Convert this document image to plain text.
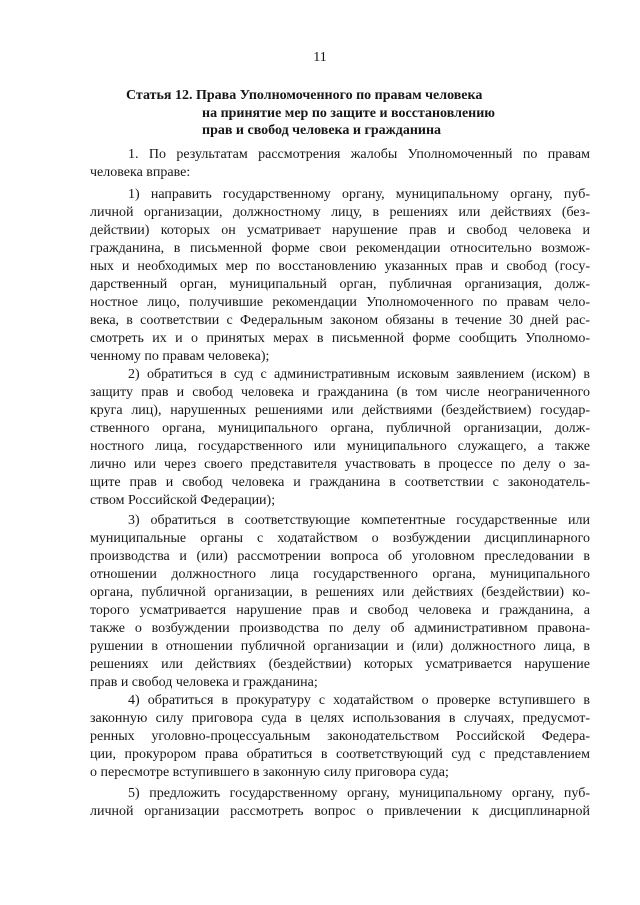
11
Статья 12. Права Уполномоченного по правам человека
на принятие мер по защите и восстановлению
прав и свобод человека и гражданина
1. По результатам рассмотрения жалобы Уполномоченный по правам
человека вправе:
1) направить государственному органу, муниципальному органу, пуб-
личной организации, должностному лицу, в решениях или действиях (без-
действии) которых он усматривает нарушение прав и свобод человека и
гражданина, в письменной форме свои рекомендации относительно возмож-
ных и необходимых мер по восстановлению указанных прав и свобод (госу-
дарственный орган, муниципальный орган, публичная организация, долж-
ностное лицо, получившие рекомендации Уполномоченного по правам чело-
века, в соответствии с Федеральным законом обязаны в течение 30 дней рас-
смотреть их и о принятых мерах в письменной форме сообщить Уполномо-
ченному по правам человека);
2) обратиться в суд с административным исковым заявлением (иском) в
защиту прав и свобод человека и гражданина (в том числе неограниченного
круга лиц), нарушенных решениями или действиями (бездействием) государ-
ственного органа, муниципального органа, публичной организации, долж-
ностного лица, государственного или муниципального служащего, а также
лично или через своего представителя участвовать в процессе по делу о за-
щите прав и свобод человека и гражданина в соответствии с законодатель-
ством Российской Федерации);
3) обратиться в соответствующие компетентные государственные или
муниципальные органы с ходатайством о возбуждении дисциплинарного
производства и (или) рассмотрении вопроса об уголовном преследовании в
отношении должностного лица государственного органа, муниципального
органа, публичной организации, в решениях или действиях (бездействии) ко-
торого усматривается нарушение прав и свобод человека и гражданина, а
также о возбуждении производства по делу об административном правона-
рушении в отношении публичной организации и (или) должностного лица, в
решениях или действиях (бездействии) которых усматривается нарушение
прав и свобод человека и гражданина;
4) обратиться в прокуратуру с ходатайством о проверке вступившего в
законную силу приговора суда в целях использования в случаях, предусмот-
ренных уголовно-процессуальным законодательством Российской Федера-
ции, прокурором права обратиться в соответствующий суд с представлением
о пересмотре вступившего в законную силу приговора суда;
5) предложить государственному органу, муниципальному органу, пуб-
личной организации рассмотреть вопрос о привлечении к дисциплинарной
